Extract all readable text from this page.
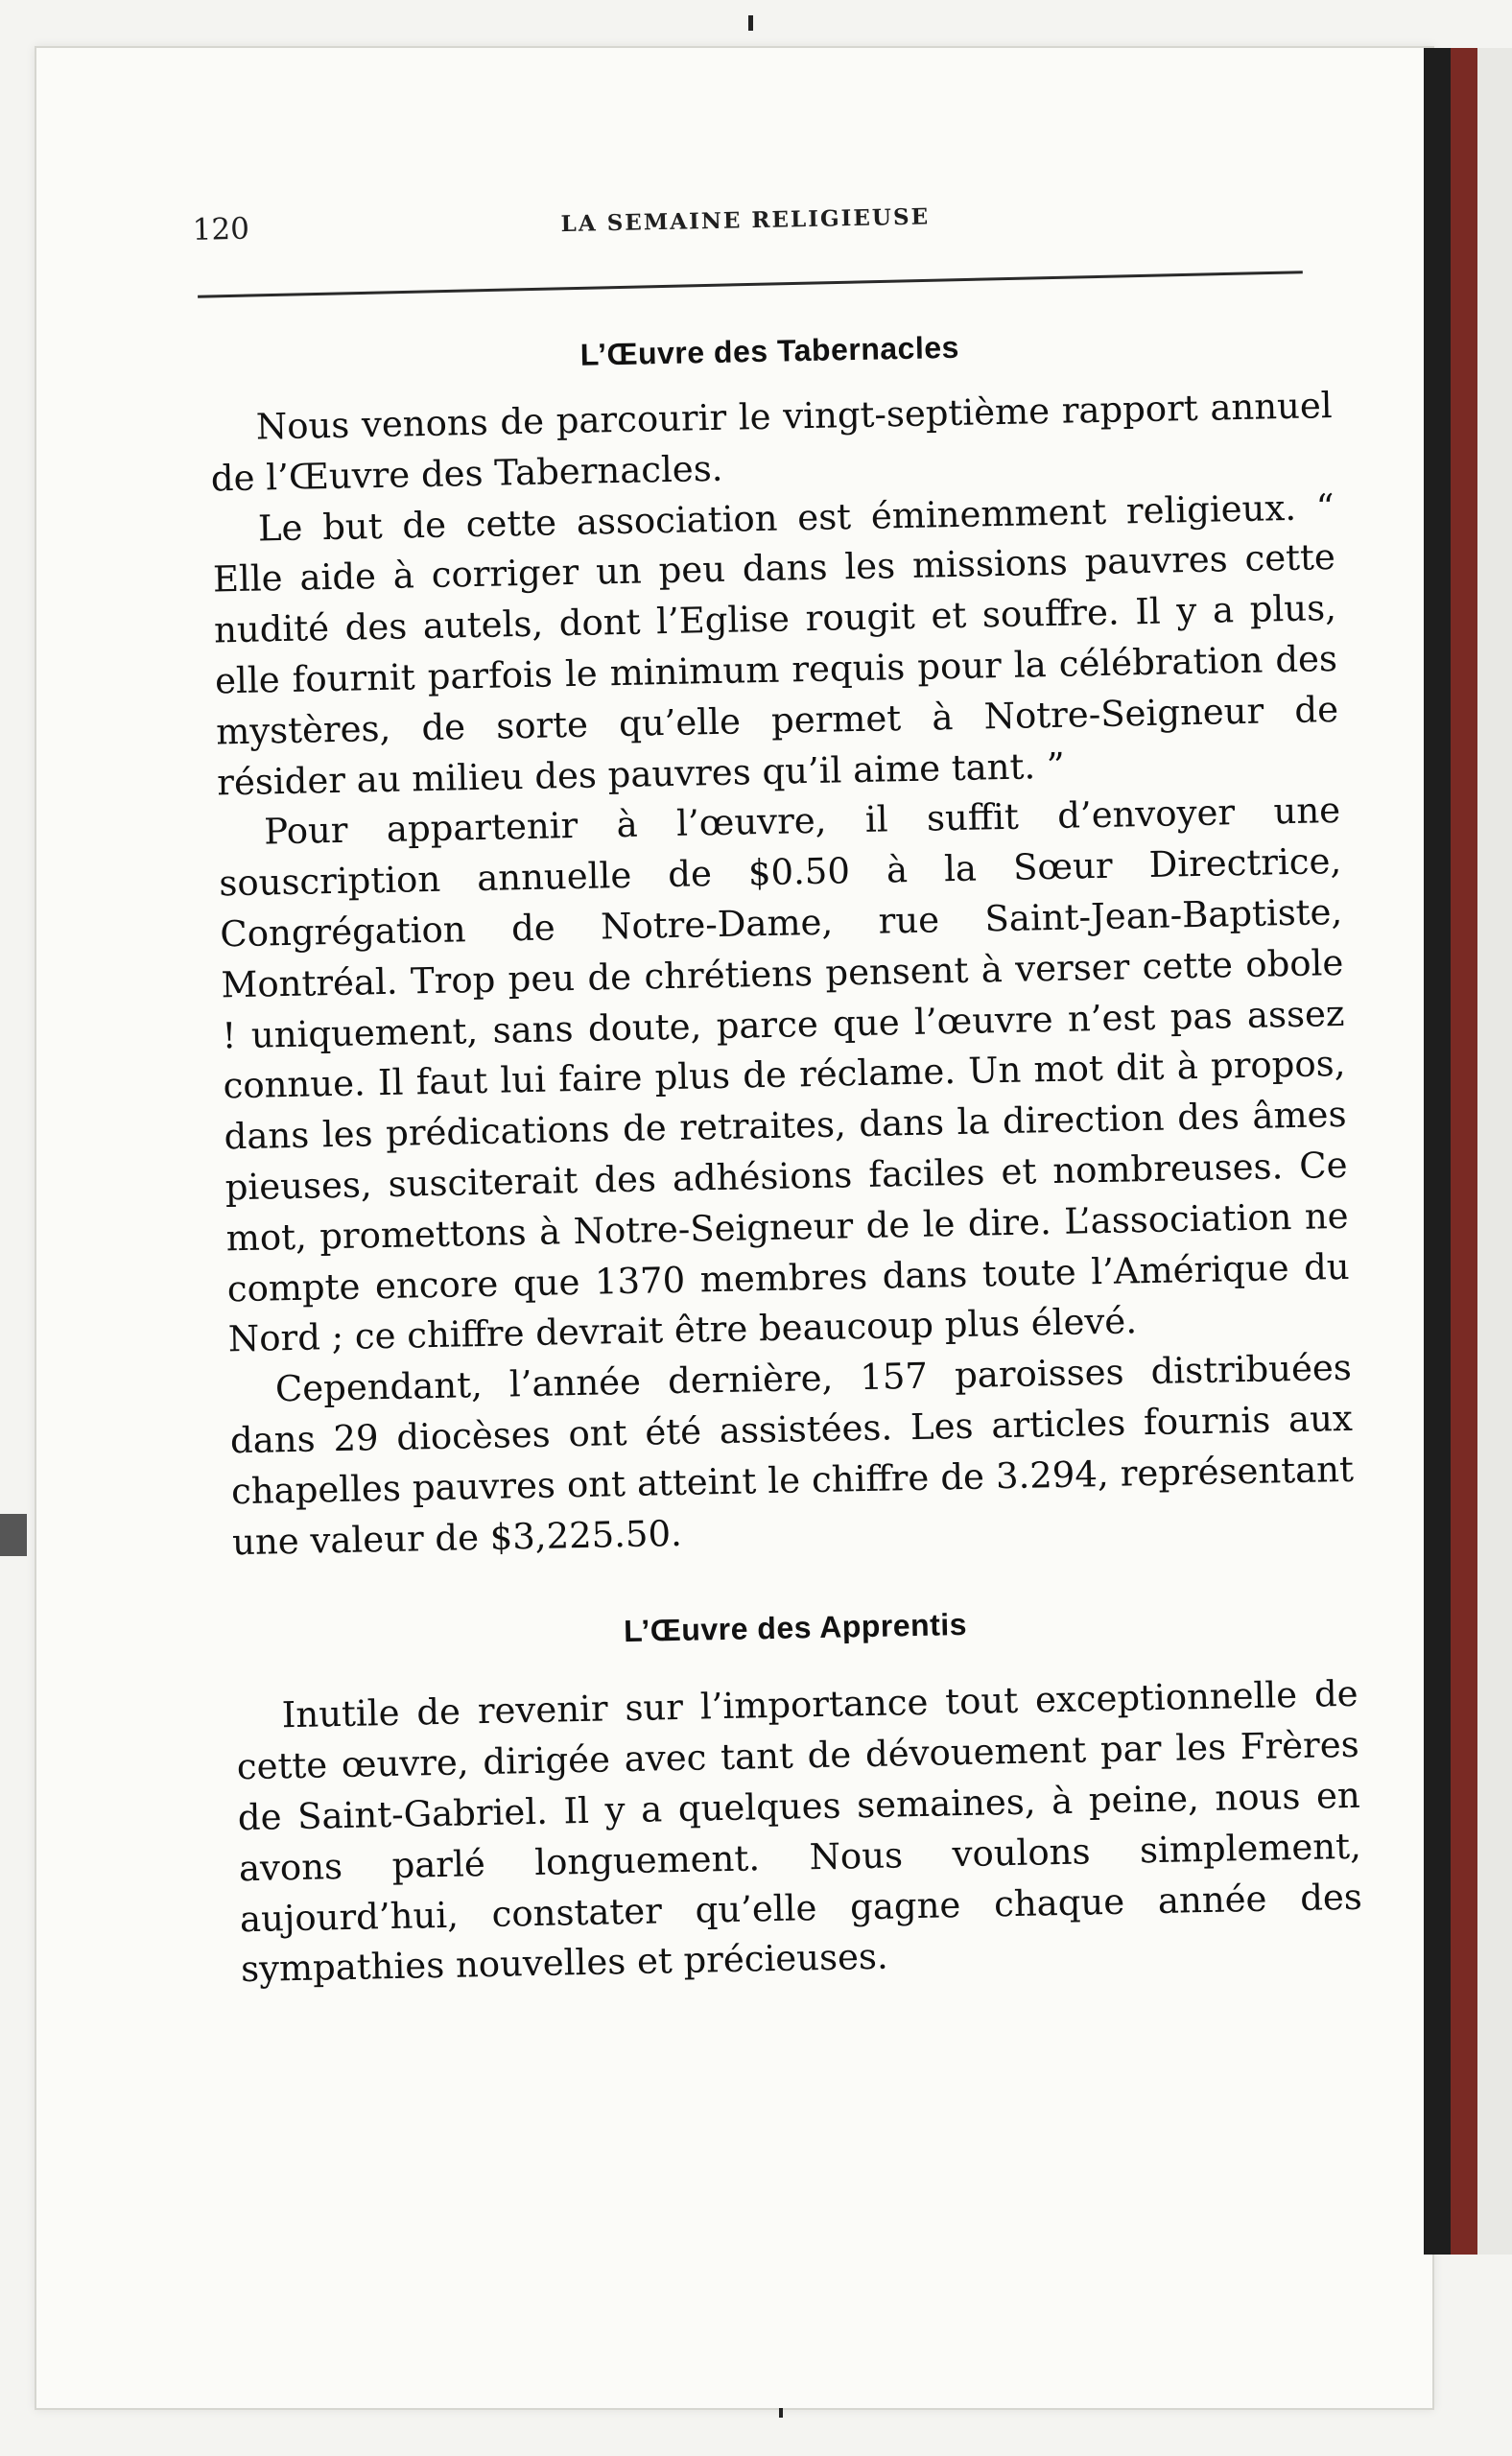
120	LA SEMAINE RELIGIEUSE
L’Œuvre des Tabernacles

Nous venons de parcourir le vingt-septième rapport annuel de l’Œuvre des Tabernacles.

Le but de cette association est éminemment religieux. “ Elle aide à corriger un peu dans les missions pauvres cette nudité des autels, dont l’Eglise rougit et souffre. Il y a plus, elle fournit parfois le minimum requis pour la célébration des mystères, de sorte qu’elle permet à Notre-Seigneur de résider au milieu des pauvres qu’il aime tant. ”

Pour appartenir à l’œuvre, il suffit d’envoyer une souscription annuelle de $0.50 à la Sœur Directrice, Congrégation de Notre-Dame, rue Saint-Jean-Baptiste, Montréal. Trop peu de chrétiens pensent à verser cette obole ! uniquement, sans doute, parce que l’œuvre n’est pas assez connue. Il faut lui faire plus de réclame. Un mot dit à propos, dans les prédications de retraites, dans la direction des âmes pieuses, susciterait des adhésions faciles et nombreuses. Ce mot, promettons à Notre-Seigneur de le dire. L’association ne compte encore que 1370 membres dans toute l’Amérique du Nord ; ce chiffre devrait être beaucoup plus élevé.

Cependant, l’année dernière, 157 paroisses distribuées dans 29 diocèses ont été assistées. Les articles fournis aux chapelles pauvres ont atteint le chiffre de 3.294, représentant une valeur de $3,225.50.

L’Œuvre des Apprentis

Inutile de revenir sur l’importance tout exceptionnelle de cette œuvre, dirigée avec tant de dévouement par les Frères de Saint-Gabriel. Il y a quelques semaines, à peine, nous en avons parlé longuement. Nous voulons simplement, aujourd’hui, constater qu’elle gagne chaque année des sympathies nouvelles et précieuses.
